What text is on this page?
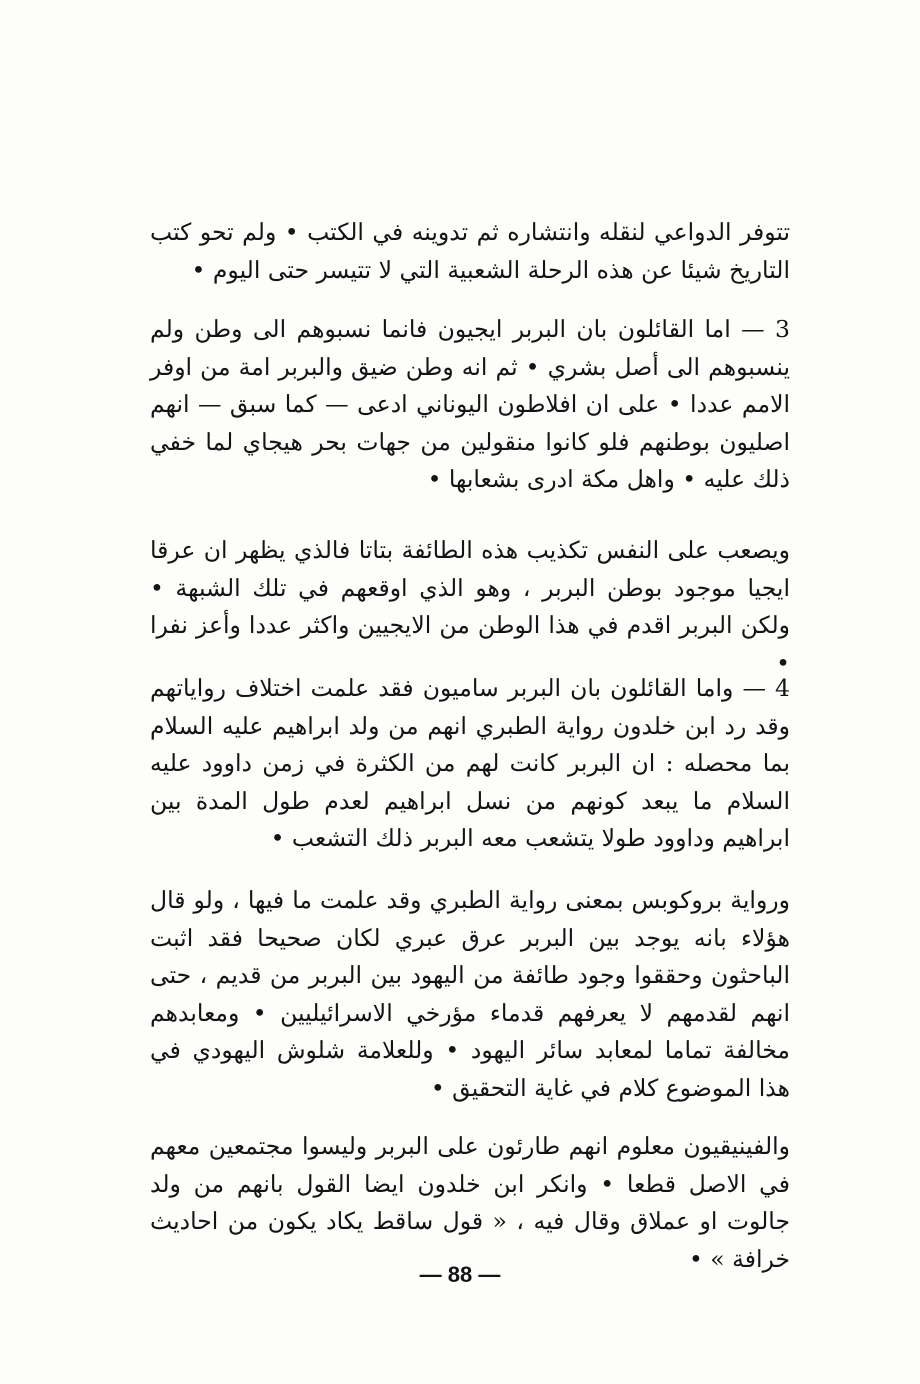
تتوفر الدواعي لنقله وانتشاره ثم تدوينه في الكتب • ولم تحو كتب التاريخ شيئا عن هذه الرحلة الشعبية التي لا تتيسر حتى اليوم •

3 — اما القائلون بان البربر ايجيون فانما نسبوهم الى وطن ولم ينسبوهم الى أصل بشري • ثم انه وطن ضيق والبربر امة من اوفر الامم عددا • على ان افلاطون اليوناني ادعى — كما سبق — انهم اصليون بوطنهم فلو كانوا منقولين من جهات بحر هيجاي لما خفي ذلك عليه • واهل مكة ادرى بشعابها •

ويصعب على النفس تكذيب هذه الطائفة بتاتا فالذي يظهر ان عرقا ايجيا موجود بوطن البربر ، وهو الذي اوقعهم في تلك الشبهة • ولكن البربر اقدم في هذا الوطن من الايجيين واكثر عددا وأعز نفرا •

4 — واما القائلون بان البربر ساميون فقد علمت اختلاف رواياتهم وقد رد ابن خلدون رواية الطبري انهم من ولد ابراهيم عليه السلام بما محصله : ان البربر كانت لهم من الكثرة في زمن داوود عليه السلام ما يبعد كونهم من نسل ابراهيم لعدم طول المدة بين ابراهيم وداوود طولا يتشعب معه البربر ذلك التشعب •

ورواية بروكوبس بمعنى رواية الطبري وقد علمت ما فيها ، ولو قال هؤلاء بانه يوجد بين البربر عرق عبري لكان صحيحا فقد اثبت الباحثون وحققوا وجود طائفة من اليهود بين البربر من قديم ، حتى انهم لقدمهم لا يعرفهم قدماء مؤرخي الاسرائيليين • ومعابدهم مخالفة تماما لمعابد سائر اليهود • وللعلامة شلوش اليهودي في هذا الموضوع كلام في غاية التحقيق •

والفينيقيون معلوم انهم طارئون على البربر وليسوا مجتمعين معهم في الاصل قطعا • وانكر ابن خلدون ايضا القول بانهم من ولد جالوت او عملاق وقال فيه ، « قول ساقط يكاد يكون من احاديث خرافة » •

— 88 —
